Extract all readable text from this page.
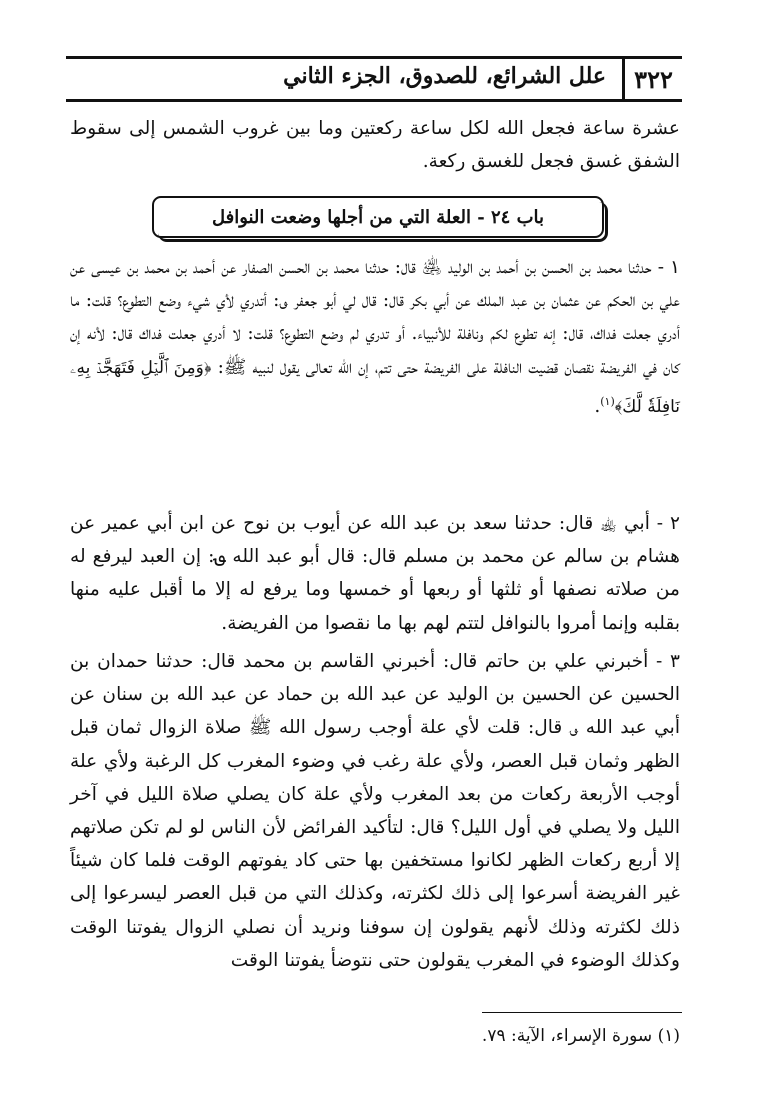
٣٢٢
علل الشرائع، للصدوق، الجزء الثاني
عشرة ساعة فجعل الله لكل ساعة ركعتين وما بين غروب الشمس إلى سقوط الشفق غسق فجعل للغسق ركعة.
باب ٢٤ - العلة التي من أجلها وضعت النوافل
١ - حدثنا محمد بن الحسن بن أحمد بن الوليد ﵁ قال: حدثنا محمد بن الحسن الصفار عن أحمد بن محمد بن عيسى عن علي بن الحكم عن عثمان بن عبد الملك عن أبي بكر قال: قال لي أبو جعفر ؈: أتدري لأي شيء وضع التطوع؟ قلت: ما أدري جعلت فداك، قال: إنه تطوع لكم ونافلة للأنبياء. أو تدري لم وضع التطوع؟ قلت: لا أدري جعلت فداك قال: لأنه إن كان في الفريضة نقصان قضيت النافلة على الفريضة حتى تتم، إن الله تعالى يقول لنبيه ﷺ: ﴿وَمِنَ ٱلَّيۡلِ فَتَهَجَّدۡ بِهِۦ نَافِلَةٗ لَّكَ﴾$^{(١)}$.
٢ - أبي ﵀ قال: حدثنا سعد بن عبد الله عن أيوب بن نوح عن ابن أبي عمير عن هشام بن سالم عن محمد بن مسلم قال: قال أبو عبد الله ؈: إن العبد ليرفع له من صلاته نصفها أو ثلثها أو ربعها أو خمسها وما يرفع له إلا ما أقبل عليه منها بقلبه وإنما أمروا بالنوافل لتتم لهم بها ما نقصوا من الفريضة.
٣ - أخبرني علي بن حاتم قال: أخبرني القاسم بن محمد قال: حدثنا حمدان بن الحسين عن الحسين بن الوليد عن عبد الله بن حماد عن عبد الله بن سنان عن أبي عبد الله ؈ قال: قلت لأي علة أوجب رسول الله ﷺ صلاة الزوال ثمان قبل الظهر وثمان قبل العصر، ولأي علة رغب في وضوء المغرب كل الرغبة ولأي علة أوجب الأربعة ركعات من بعد المغرب ولأي علة كان يصلي صلاة الليل في آخر الليل ولا يصلي في أول الليل؟ قال: لتأكيد الفرائض لأن الناس لو لم تكن صلاتهم إلا أربع ركعات الظهر لكانوا مستخفين بها حتى كاد يفوتهم الوقت فلما كان شيئاً غير الفريضة أسرعوا إلى ذلك لكثرته، وكذلك التي من قبل العصر ليسرعوا إلى ذلك لكثرته وذلك لأنهم يقولون إن سوفنا ونريد أن نصلي الزوال يفوتنا الوقت وكذلك الوضوء في المغرب يقولون حتى نتوضأ يفوتنا الوقت
(١) سورة الإسراء، الآية: ٧٩.
